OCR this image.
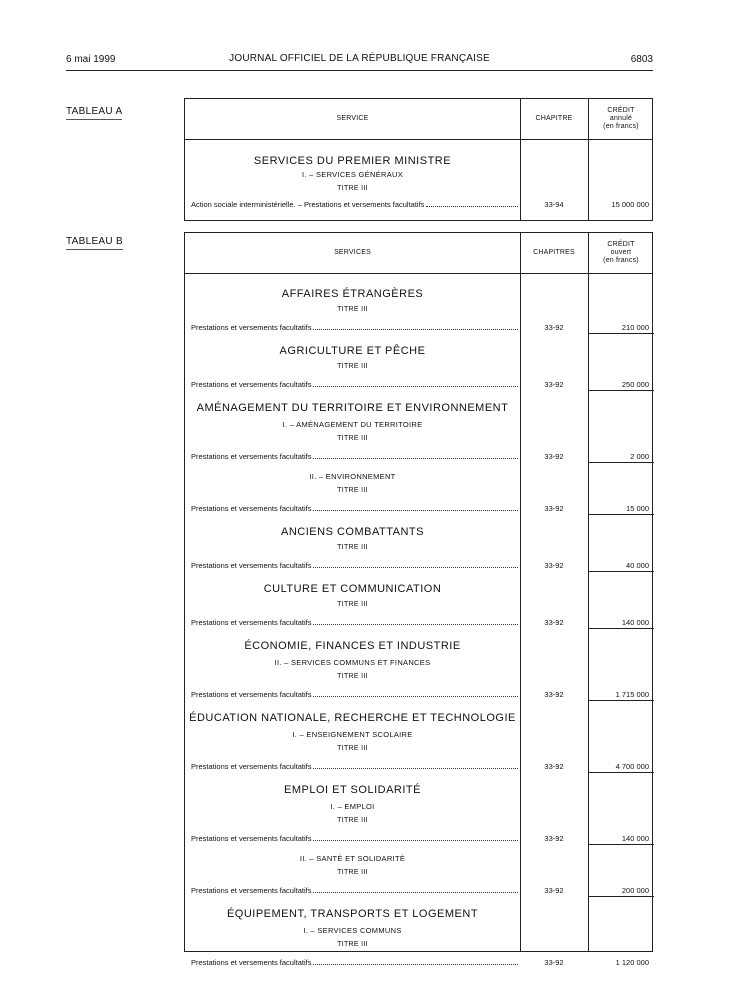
6 mai 1999	JOURNAL OFFICIEL DE LA RÉPUBLIQUE FRANÇAISE	6803
TABLEAU A
SERVICE	CHAPITRE
CRÉDIT
annulé
(en francs)
SERVICES DU PREMIER MINISTRE
I. – SERVICES GÉNÉRAUX
TITRE III
Action sociale interministérielle. – Prestations et versements facultatifs	33-94	15 000 000
TABLEAU B
SERVICES	CHAPITRES
CRÉDIT
ouvert
(en francs)
AFFAIRES ÉTRANGÈRES
TITRE III
Prestations et versements facultatifs	33-92	210 000
AGRICULTURE ET PÊCHE
TITRE III
Prestations et versements facultatifs	33-92	250 000
AMÉNAGEMENT DU TERRITOIRE ET ENVIRONNEMENT
I. – AMÉNAGEMENT DU TERRITOIRE
TITRE III
Prestations et versements facultatifs	33-92	2 000
II. – ENVIRONNEMENT
TITRE III
Prestations et versements facultatifs	33-92	15 000
ANCIENS COMBATTANTS
TITRE III
Prestations et versements facultatifs	33-92	40 000
CULTURE ET COMMUNICATION
TITRE III
Prestations et versements facultatifs	33-92	140 000
ÉCONOMIE, FINANCES ET INDUSTRIE
II. – SERVICES COMMUNS ET FINANCES
TITRE III
Prestations et versements facultatifs	33-92	1 715 000
ÉDUCATION NATIONALE, RECHERCHE ET TECHNOLOGIE
I. – ENSEIGNEMENT SCOLAIRE
TITRE III
Prestations et versements facultatifs	33-92	4 700 000
EMPLOI ET SOLIDARITÉ
I. – EMPLOI
TITRE III
Prestations et versements facultatifs	33-92	140 000
II. – SANTÉ ET SOLIDARITÉ
TITRE III
Prestations et versements facultatifs	33-92	200 000
ÉQUIPEMENT, TRANSPORTS ET LOGEMENT
I. – SERVICES COMMUNS
TITRE III
Prestations et versements facultatifs	33-92	1 120 000
